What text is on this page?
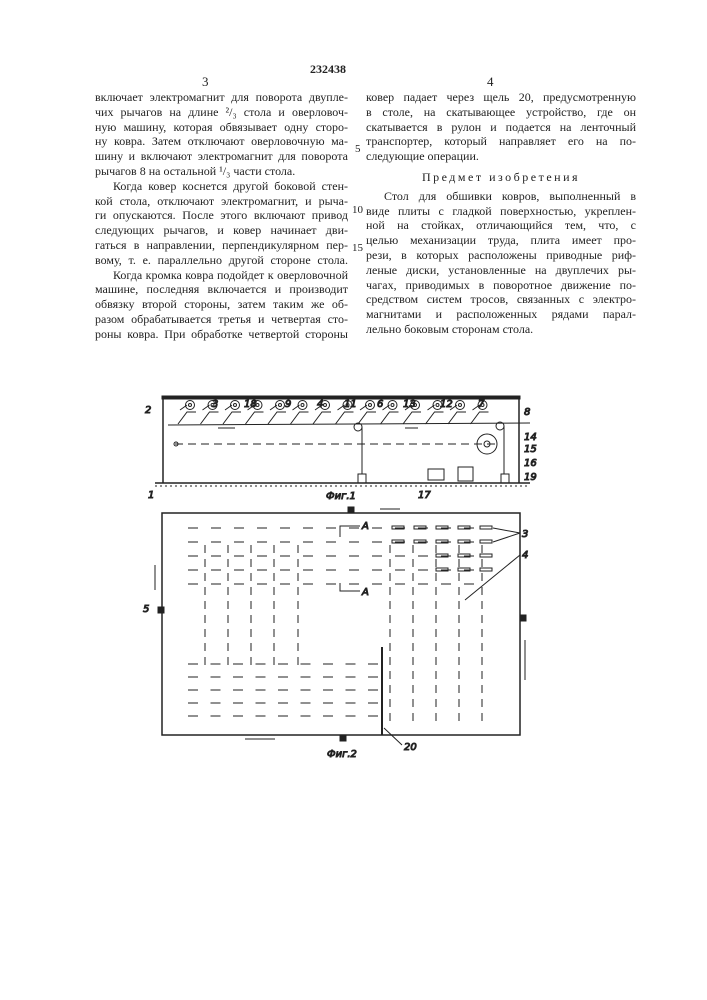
232438
3	4
5
10
15
включает электромагнит для поворота двупле-
чих рычагов на длине ²/₃ стола и оверловоч-
ную машину, которая обвязывает одну сторо-
ну ковра. Затем отключают оверловочную ма-
шину и включают электромагнит для поворота
рычагов 8 на остальной ¹/₃ части стола.
Когда ковер коснется другой боковой стен-
кой стола, отключают электромагнит, и рыча-
ги опускаются. После этого включают привод
следующих рычагов, и ковер начинает дви-
гаться в направлении, перпендикулярном пер-
вому, т. е. параллельно другой стороне стола.
Когда кромка ковра подойдет к оверловочной
машине, последняя включается и производит
обвязку второй стороны, затем таким же об-
разом обрабатывается третья и четвертая сто-
роны ковра. При обработке четвертой стороны
ковер падает через щель 20, предусмотренную
в столе, на скатывающее устройство, где он
скатывается в рулон и подается на ленточный
транспортер, который направляет его на по-
следующие операции.
Предмет изобретения
Стол для обшивки ковров, выполненный в
виде плиты с гладкой поверхностью, укреплен-
ной на стойках, отличающийся тем, что, с
целью механизации труда, плита имеет про-
рези, в которых расположены приводные риф-
леные диски, установленные на двуплечих ры-
чагах, приводимых в поворотное движение по-
средством систем тросов, связанных с электро-
магнитами и расположенных рядами парал-
лельно боковым сторонам стола.
3	18	9	4 11 6 13 12	7
8
2
14
15
16
19
1	17
Фиг.1
A
A
3
4
5
20
Фиг.2
